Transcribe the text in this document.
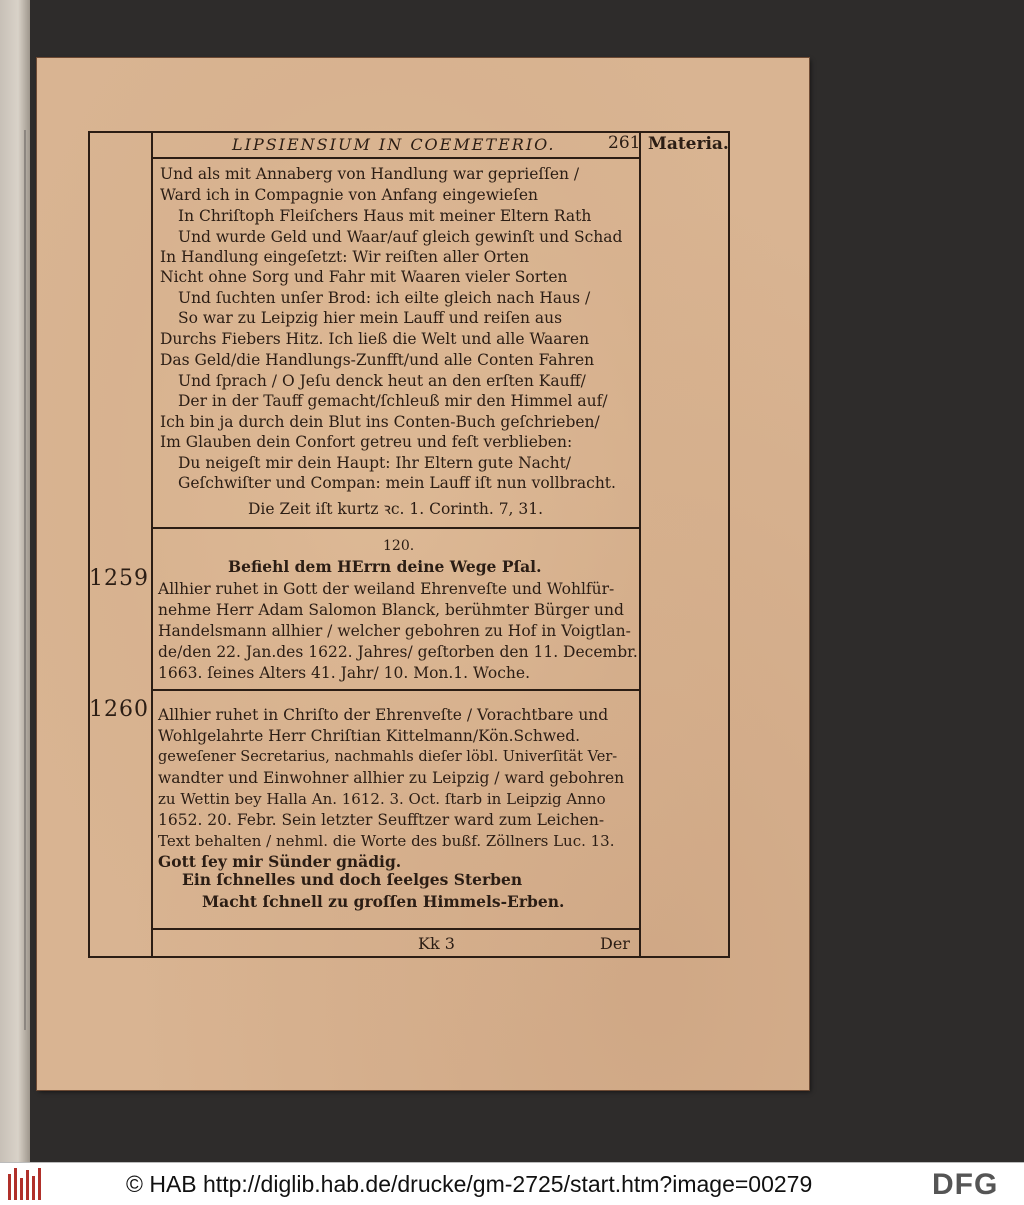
LIPSIENSIUM IN COEMETERIO.	261 Materia.
Und als mit Annaberg von Handlung war geprieſſen /
Ward ich in Compagnie von Anfang eingewieſen
In Chriſtoph Fleiſchers Haus mit meiner Eltern Rath
Und wurde Geld und Waar/auf gleich gewinſt und Schad
In Handlung eingeſetzt: Wir reiſten aller Orten
Nicht ohne Sorg und Fahr mit Waaren vieler Sorten
Und ſuchten unſer Brod: ich eilte gleich nach Haus /
So war zu Leipzig hier mein Lauff und reiſen aus
Durchs Fiebers Hitz. Ich ließ die Welt und alle Waaren
Das Geld/die Handlungs-Zunfft/und alle Conten Fahren
Und ſprach / O Jeſu denck heut an den erſten Kauff/
Der in der Tauff gemacht/ſchleuß mir den Himmel auf/
Ich bin ja durch dein Blut ins Conten-Buch geſchrieben/
Im Glauben dein Confort getreu und feſt verblieben:
Du neigeſt mir dein Haupt: Ihr Eltern gute Nacht/
Geſchwiſter und Compan: mein Lauff iſt nun vollbracht.
Die Zeit iſt kurtz ꝛc. 1. Corinth. 7, 31.
1259
120.
Befiehl dem HErrn deine Wege Pſal.
Allhier ruhet in Gott der weiland Ehrenveſte und Wohlfür-
nehme Herr Adam Salomon Blanck, berühmter Bürger und
Handelsmann allhier / welcher gebohren zu Hof in Voigtlan-
de/den 22. Jan.des 1622. Jahres/ geſtorben den 11. Decembr.
1663. ſeines Alters 41. Jahr/ 10. Mon.1. Woche.
1260 Allhier ruhet in Chriſto der Ehrenveſte / Vorachtbare und
Wohlgelahrte Herr Chriſtian Kittelmann/Kön.Schwed.
geweſener Secretarius, nachmahls dieſer löbl. Univerſität Ver-
wandter und Einwohner allhier zu Leipzig / ward gebohren
zu Wettin bey Halla An. 1612. 3. Oct. ſtarb in Leipzig Anno
1652. 20. Febr. Sein letzter Seufftzer ward zum Leichen-
Text behalten / nehml. die Worte des bußf. Zöllners Luc. 13.
Gott ſey mir Sünder gnädig.
Ein ſchnelles und doch ſeelges Sterben
Macht ſchnell zu groſſen Himmels-Erben.
Kk 3	Der
© HAB http://diglib.hab.de/drucke/gm-2725/start.htm?image=00279	DFG
